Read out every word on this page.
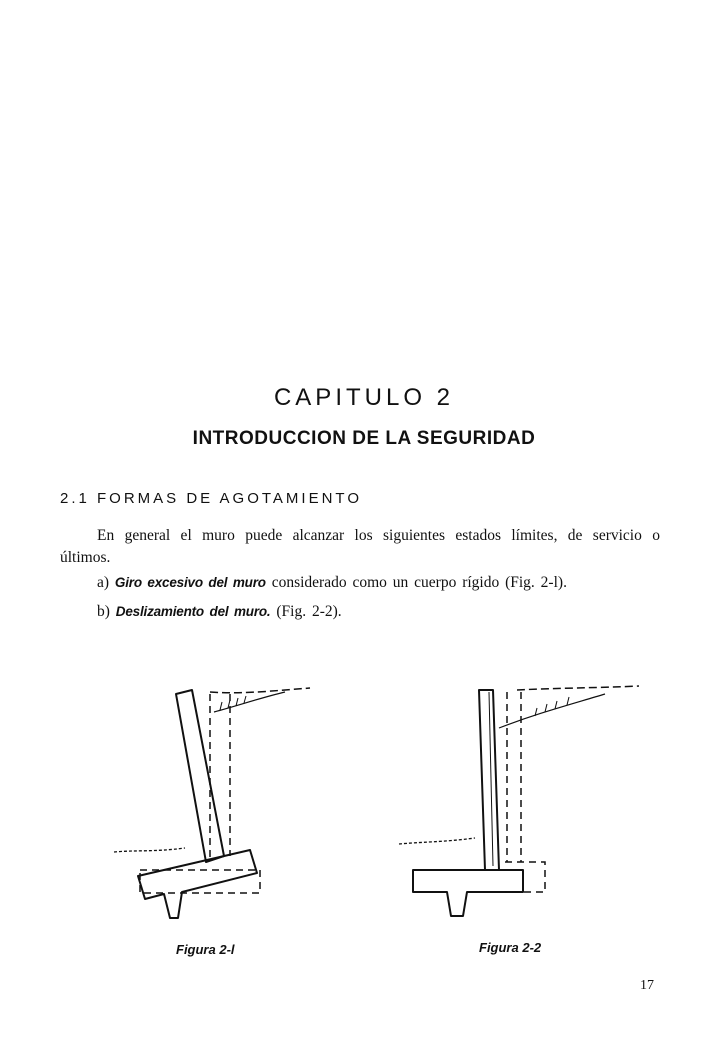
CAPITULO 2
INTRODUCCION DE LA SEGURIDAD
2.1 FORMAS DE AGOTAMIENTO
En general el muro puede alcanzar los siguientes estados límites, de servicio o últimos.
a) Giro excesivo del muro considerado como un cuerpo rígido (Fig. 2-l).
b) Deslizamiento del muro. (Fig. 2-2).
Figura 2-l	Figura 2-2
17
